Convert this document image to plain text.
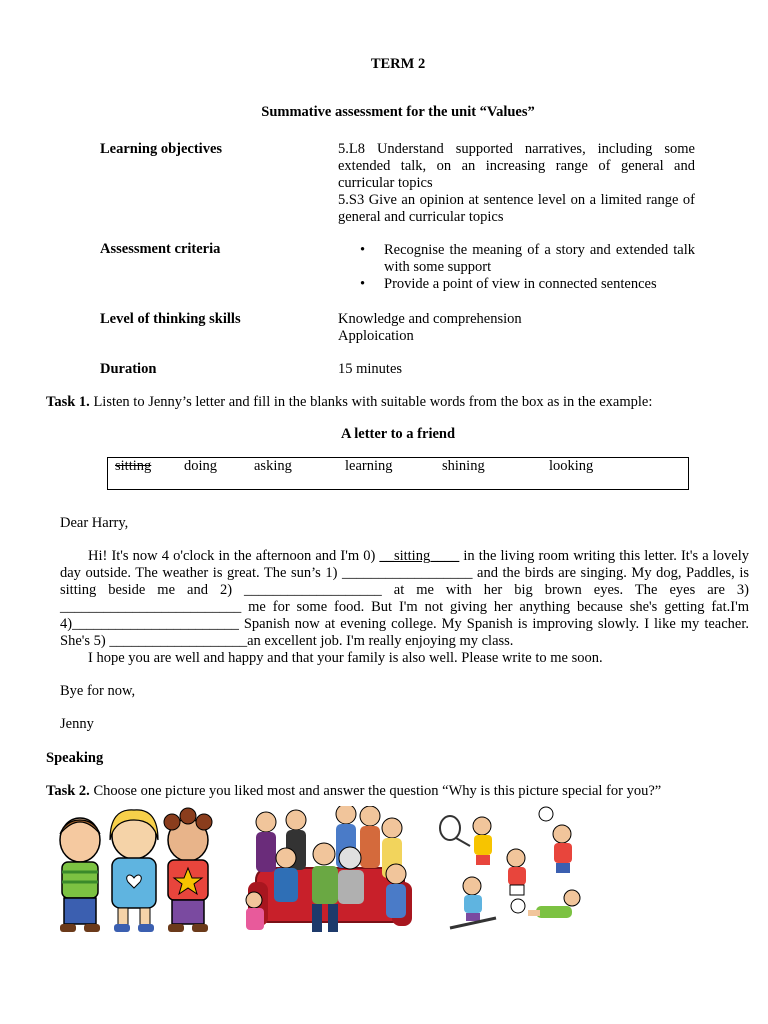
TERM 2
Summative assessment for the unit “Values”
Learning objectives	5.L8 Understand supported narratives, including some extended talk, on an increasing range of general and curricular topics
5.S3 Give an opinion at sentence level on a limited range of general and curricular topics
Assessment criteria
•	Recognise the meaning of a story and extended talk with some support
• Provide a point of view in connected sentences
Level of thinking skills	Knowledge and comprehension
Apploication
Duration	15 minutes
Task 1. Listen to Jenny’s letter and fill in the blanks with suitable words from the box as in the example:
A letter to a friend
sitting doing	asking	learning	shining	looking
Dear Harry,
Hi! It's now 4 o'clock in the afternoon and I'm 0) __sitting____ in the living room writing this letter. It's a lovely day outside. The weather is great. The sun’s 1) __________________ and the birds are singing. My dog, Paddles, is sitting beside me and 2) ___________________ at me with her big brown eyes. The eyes are 3) _________________________ me for some food. But I'm not giving her anything because she's getting fat.I'm 4)_______________________ Spanish now at evening college. My Spanish is improving slowly. I like my teacher. She's 5) ___________________an excellent job. I'm really enjoying my class.
I hope you are well and happy and that your family is also well. Please write to me soon.
Bye for now,
Jenny
Speaking
Task 2. Choose one picture you liked most and answer the question “Why is this picture special for you?”
